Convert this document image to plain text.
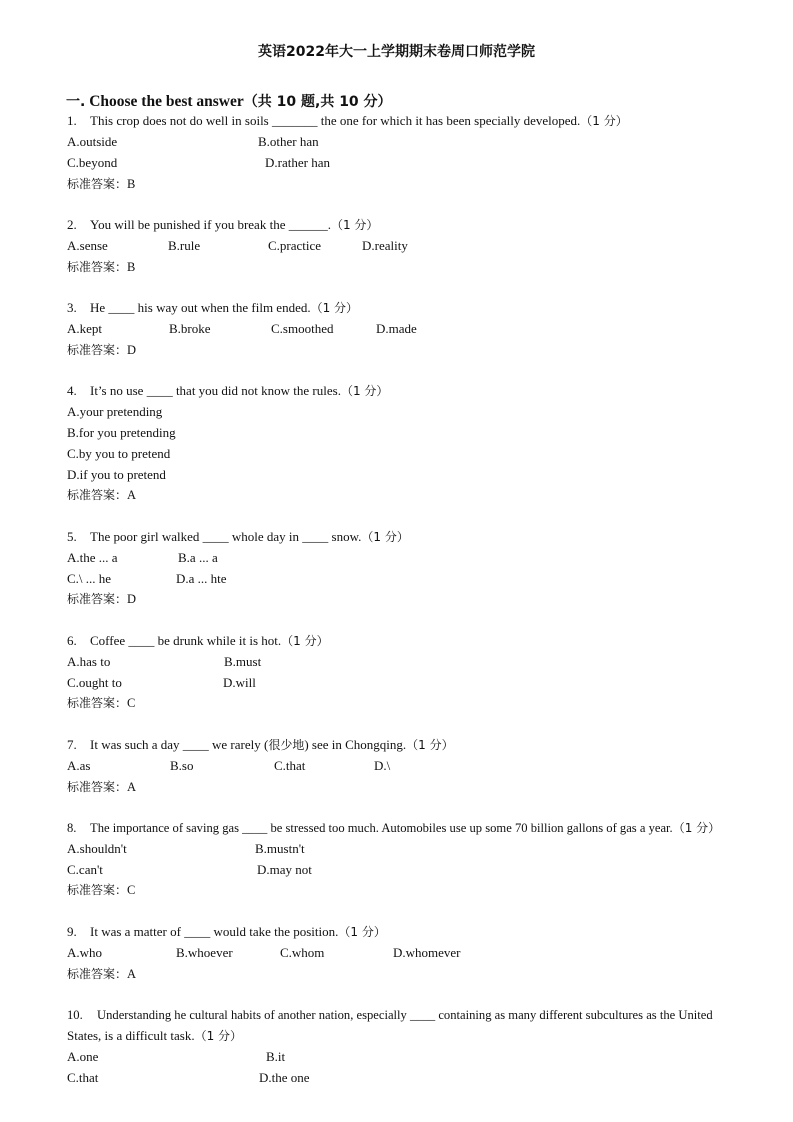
英语2022年大一上学期期末卷周口师范学院
一. Choose the best answer（共 10 题,共 10 分）
1. This crop does not do well in soils _______ the one for which it has been specially developed.（1 分）
A.outside	B.other han
C.beyond	D.rather han
标准答案：B
2. You will be punished if you break the ______.（1 分）
A.sense	B.rule	C.practice	D.reality
标准答案：B
3. He ____ his way out when the film ended.（1 分）
A.kept	B.broke	C.smoothed	D.made
标准答案：D
4. It’s no use ____ that you did not know the rules.（1 分）
A.your pretending
B.for you pretending
C.by you to pretend
D.if you to pretend
标准答案：A
5. The poor girl walked ____ whole day in ____ snow.（1 分）
A.the ... a	B.a ... a
C.\ ... he	D.a ... hte
标准答案：D
6. Coffee ____ be drunk while it is hot.（1 分）
A.has to	B.must
C.ought to	D.will
标准答案：C
7. It was such a day ____ we rarely (很少地) see in Chongqing.（1 分）
A.as	B.so	C.that	D.\
标准答案：A
8. The importance of saving gas ____ be stressed too much. Automobiles use up some 70 billion gallons of gas a year.（1 分）
A.shouldn't	B.mustn't
C.can't	D.may not
标准答案：C
9. It was a matter of ____ would take the position.（1 分）
A.who	B.whoever	C.whom	D.whomever
标准答案：A
10. Understanding he cultural habits of another nation, especially ____ containing as many different subcultures as the United
States, is a difficult task.（1 分）
A.one	B.it
C.that	D.the one
